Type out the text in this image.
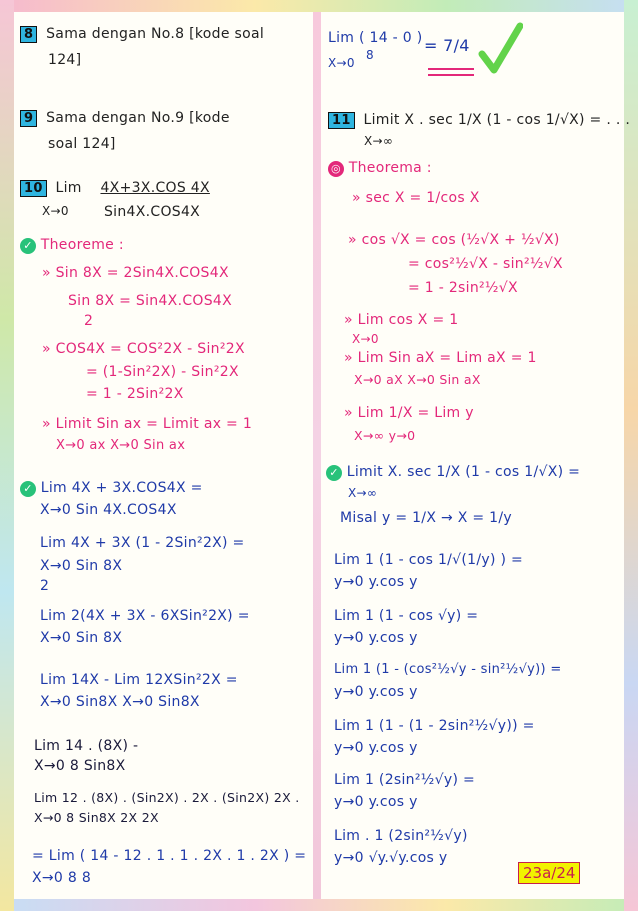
8 Sama dengan No.8 [kode soal
124]
9 Sama dengan No.9 [kode
soal 124]
10 Lim 4X+3X.COS 4X
X→0	Sin4X.COS4X
✓ Theoreme :
» Sin 8X = 2Sin4X.COS4X
Sin 8X = Sin4X.COS4X
2
» COS4X = COS²2X - Sin²2X
= (1-Sin²2X) - Sin²2X
= 1 - 2Sin²2X
» Limit Sin ax = Limit ax = 1
X→0 ax X→0 Sin ax
✓ Lim 4X + 3X.COS4X =
X→0 Sin 4X.COS4X
Lim 4X + 3X (1 - 2Sin²2X) =
X→0 Sin 8X
2
Lim 2(4X + 3X - 6XSin²2X) =
X→0 Sin 8X
Lim 14X - Lim 12XSin²2X =
X→0 Sin8X X→0 Sin8X
Lim 14 . (8X) -
X→0 8 Sin8X
Lim 12 . (8X) . (Sin2X) . 2X . (Sin2X) 2X .
X→0 8 Sin8X 2X 2X
= Lim ( 14 - 12 . 1 . 1 . 2X . 1 . 2X ) =
X→0 8 8
Lim ( 14 - 0 )
8
X→0
= 7/4
11 Limit X . sec 1/X (1 - cos 1/√X) = . . .
X→∞
◎ Theorema :
» sec X = 1/cos X
» cos √X = cos (½√X + ½√X)
= cos²½√X - sin²½√X
= 1 - 2sin²½√X
» Lim cos X = 1
X→0
» Lim Sin aX = Lim aX = 1
X→0 aX X→0 Sin aX
» Lim 1/X = Lim y
X→∞ y→0
✓ Limit X. sec 1/X (1 - cos 1/√X) =
X→∞
Misal y = 1/X → X = 1/y
Lim 1 (1 - cos 1/√(1/y) ) =
y→0 y.cos y
Lim 1 (1 - cos √y) =
y→0 y.cos y
Lim 1 (1 - (cos²½√y - sin²½√y)) =
y→0 y.cos y
Lim 1 (1 - (1 - 2sin²½√y)) =
y→0 y.cos y
Lim 1 (2sin²½√y) =
y→0 y.cos y
Lim . 1 (2sin²½√y)
y→0 √y.√y.cos y
23a/24
